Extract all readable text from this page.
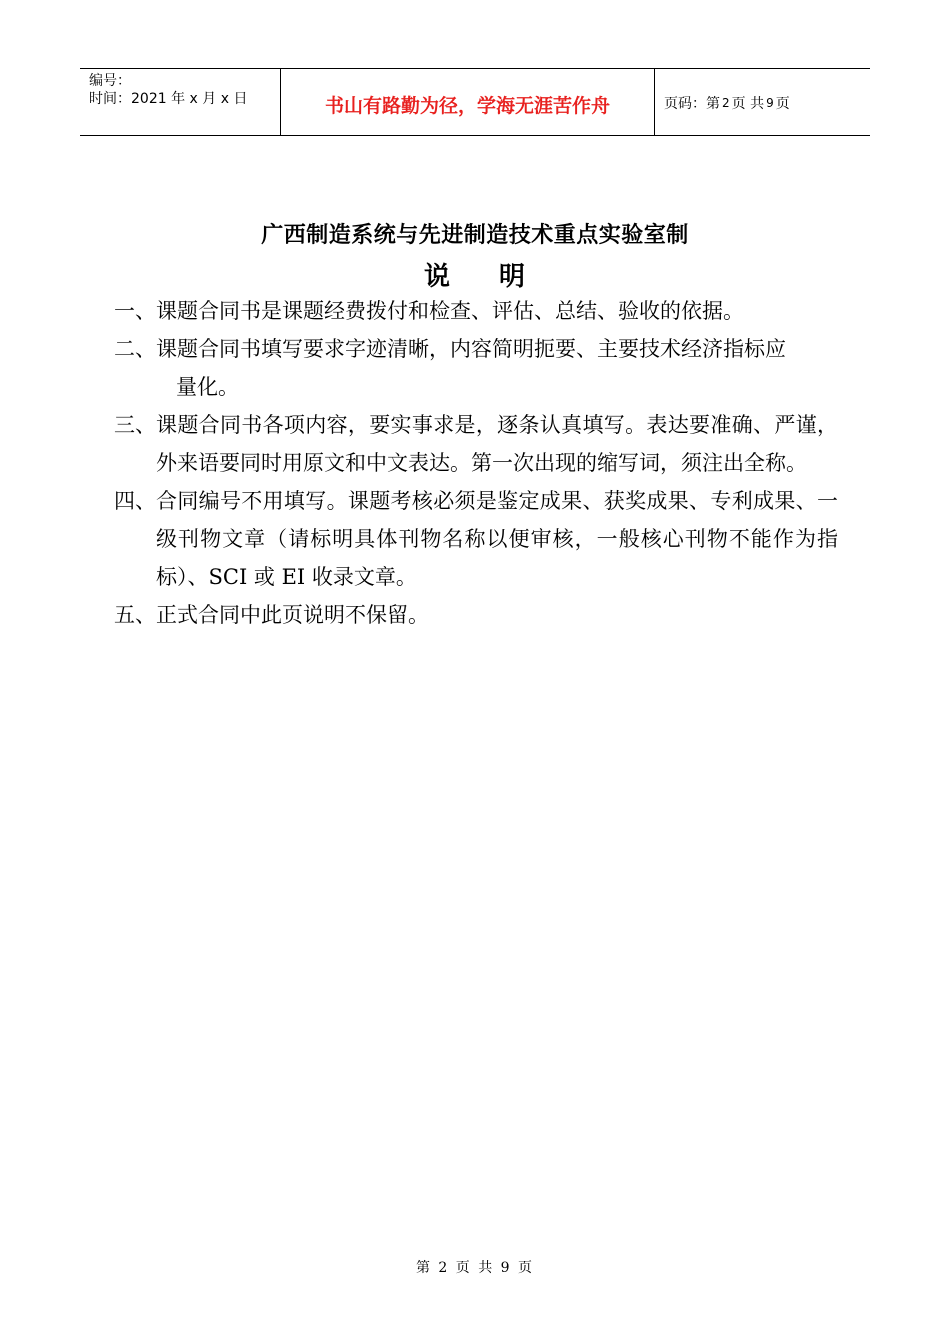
编号：
时间：2021 年 x 月 x 日	书山有路勤为径，学海无涯苦作舟	页码：第 2 页 共 9 页
广西制造系统与先进制造技术重点实验室制
说 明
一、 课题合同书是课题经费拨付和检查、评估、总结、验收的依据。
二、 课题合同书填写要求字迹清晰，内容简明扼要、主要技术经济指标应
量化。
三、 课题合同书各项内容，要实事求是，逐条认真填写。表达要准确、严谨，外来语要同时用原文和中文表达。第一次出现的缩写词，须注出全称。
四、 合同编号不用填写。课题考核必须是鉴定成果、获奖成果、专利成果、一级刊物文章（请标明具体刊物名称以便审核，一般核心刊物不能作为指标）、SCI 或 EI 收录文章。
五、 正式合同中此页说明不保留。
第 2 页 共 9 页
